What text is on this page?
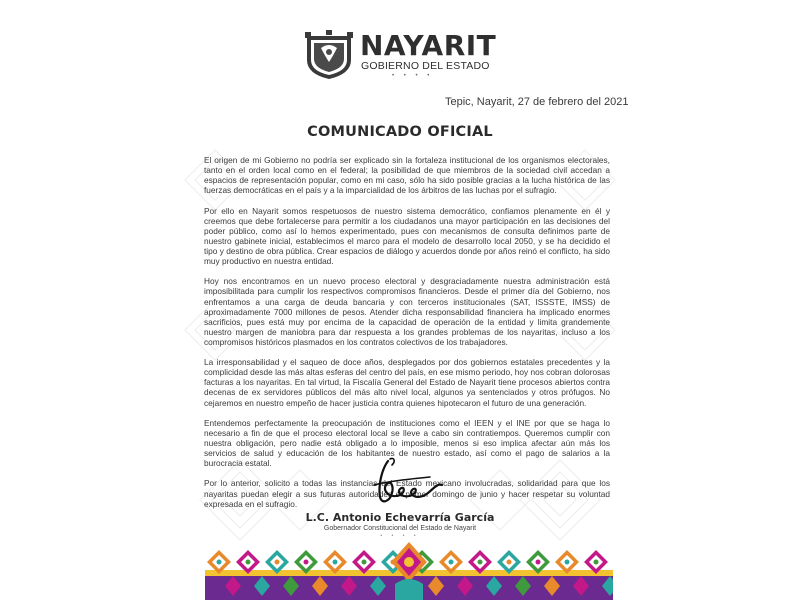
NAYARIT
GOBIERNO DEL ESTADO
• • • •
Tepic, Nayarit, 27 de febrero del 2021
COMUNICADO OFICIAL

El origen de mi Gobierno no podría ser explicado sin la fortaleza institucional de los organismos electorales, tanto en el orden local como en el federal; la posibilidad de que miembros de la sociedad civil accedan a espacios de representación popular, como en mi caso, sólo ha sido posible gracias a la lucha histórica de las fuerzas democráticas en el país y a la imparcialidad de los árbitros de las luchas por el sufragio.

Por ello en Nayarit somos respetuosos de nuestro sistema democrático, confiamos plenamente en él y creemos que debe fortalecerse para permitir a los ciudadanos una mayor participación en las decisiones del poder público, como así lo hemos experimentado, pues con mecanismos de consulta definimos parte de nuestro gabinete inicial, establecimos el marco para el modelo de desarrollo local 2050, y se ha decidido el tipo y destino de obra pública. Crear espacios de diálogo y acuerdos donde por años reinó el conflicto, ha sido muy productivo en nuestra entidad.

Hoy nos encontramos en un nuevo proceso electoral y desgraciadamente nuestra administración está imposibilitada para cumplir los respectivos compromisos financieros. Desde el primer día del Gobierno, nos enfrentamos a una carga de deuda bancaria y con terceros institucionales (SAT, ISSSTE, IMSS) de aproximadamente 7000 millones de pesos. Atender dicha responsabilidad financiera ha implicado enormes sacrificios, pues está muy por encima de la capacidad de operación de la entidad y limita grandemente nuestro margen de maniobra para dar respuesta a los grandes problemas de los nayaritas, incluso a los compromisos históricos plasmados en los contratos colectivos de los trabajadores.

La irresponsabilidad y el saqueo de doce años, desplegados por dos gobiernos estatales precedentes y la complicidad desde las más altas esferas del centro del país, en ese mismo periodo, hoy nos cobran dolorosas facturas a los nayaritas. En tal virtud, la Fiscalía General del Estado de Nayarit tiene procesos abiertos contra decenas de ex servidores públicos del más alto nivel local, algunos ya sentenciados y otros prófugos. No cejaremos en nuestro empeño de hacer justicia contra quienes hipotecaron el futuro de una generación.

Entendemos perfectamente la preocupación de instituciones como el IEEN y el INE por que se haga lo necesario a fin de que el proceso electoral local se lleve a cabo sin contratiempos. Queremos cumplir con nuestra obligación, pero nadie está obligado a lo imposible, menos si eso implica afectar aún más los servicios de salud y educación de los habitantes de nuestro estado, así como el pago de salarios a la burocracia estatal.

Por lo anterior, solicito a todas las instancias del Estado mexicano involucradas, solidaridad para que los nayaritas puedan elegir a sus futuras autoridades el primer domingo de junio y hacer respetar su voluntad expresada en el sufragio.

L.C. Antonio Echevarría García
Gobernador Constitucional del Estado de Nayarit
• • • •
